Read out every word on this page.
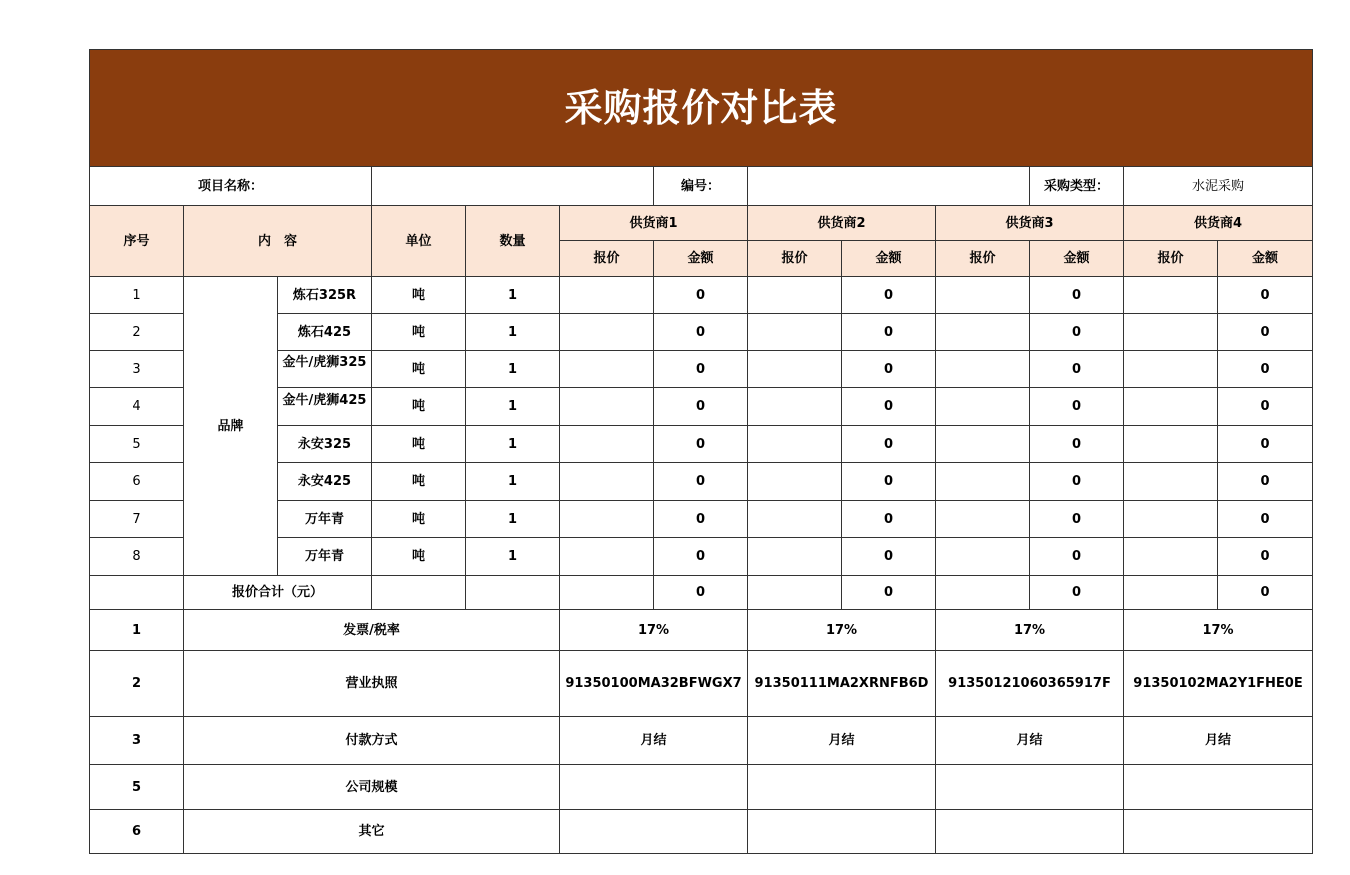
采购报价对比表												
项目名称：						编号：				采购类型：	水泥采购	
序号	内　容		单位	数量	供货商1		供货商2		供货商3		供货商4	
					报价	金额	报价	金额	报价	金额	报价	金额
1	品牌	炼石325R	吨	1		0		0		0		0
2		炼石425	吨	1		0		0		0		0
3		金牛/虎狮325	吨	1		0		0		0		0
4		金牛/虎狮425	吨	1		0		0		0		0
5		永安325	吨	1		0		0		0		0
6		永安425	吨	1		0		0		0		0
7		万年青	吨	1		0		0		0		0
8		万年青	吨	1		0		0		0		0
	报价合计（元）					0		0		0		0
1	发票/税率				17%		17%		17%		17%	

2	营业执照				91350100MA32BFWGX7		91350111MA2XRNFB6D		91350121060365917F		91350102MA2Y1FHE0E	

3	付款方式				月结		月结		月结		月结	

5	公司规模								

6	其它								
